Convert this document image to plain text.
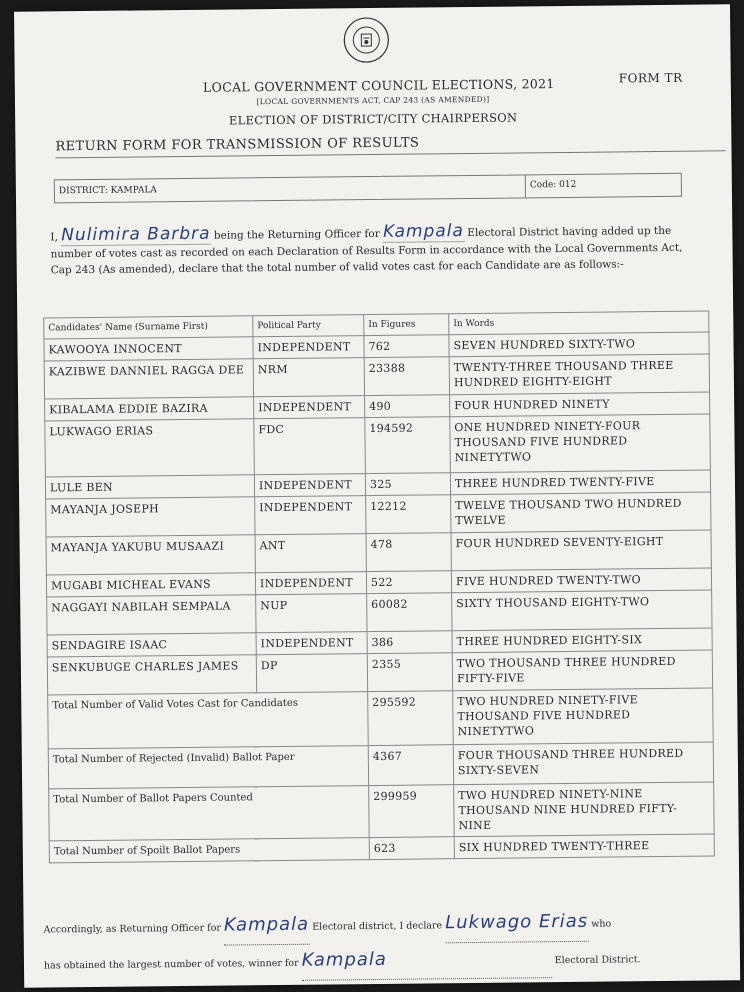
FORM TR
LOCAL GOVERNMENT COUNCIL ELECTIONS, 2021
[LOCAL GOVERNMENTS ACT, CAP 243 (AS AMENDED)]
ELECTION OF DISTRICT/CITY CHAIRPERSON
RETURN FORM FOR TRANSMISSION OF RESULTS
DISTRICT: KAMPALA
Code: 012
I, Nulimira Barbra being the Returning Officer for Kampala Electoral District having added up the number of votes cast as recorded on each Declaration of Results Form in accordance with the Local Governments Act, Cap 243 (As amended), declare that the total number of valid votes cast for each Candidate are as follows:-
Candidates' Name (Surname First)	Political Party	In Figures	In Words
KAWOOYA INNOCENT	INDEPENDENT	762	SEVEN HUNDRED SIXTY-TWO
KAZIBWE DANNIEL RAGGA DEE	NRM	23388	TWENTY-THREE THOUSAND THREE HUNDRED EIGHTY-EIGHT
KIBALAMA EDDIE BAZIRA	INDEPENDENT	490	FOUR HUNDRED NINETY
LUKWAGO ERIAS	FDC	194592	ONE HUNDRED NINETY-FOUR THOUSAND FIVE HUNDRED NINETYTWO
LULE BEN	INDEPENDENT	325	THREE HUNDRED TWENTY-FIVE
MAYANJA JOSEPH	INDEPENDENT	12212	TWELVE THOUSAND TWO HUNDRED TWELVE
MAYANJA YAKUBU MUSAAZI	ANT	478	FOUR HUNDRED SEVENTY-EIGHT
MUGABI MICHEAL EVANS	INDEPENDENT	522	FIVE HUNDRED TWENTY-TWO
NAGGAYI NABILAH SEMPALA	NUP	60082	SIXTY THOUSAND EIGHTY-TWO
SENDAGIRE ISAAC	INDEPENDENT	386	THREE HUNDRED EIGHTY-SIX
SENKUBUGE CHARLES JAMES	DP	2355	TWO THOUSAND THREE HUNDRED FIFTY-FIVE
Total Number of Valid Votes Cast for Candidates		295592	TWO HUNDRED NINETY-FIVE THOUSAND FIVE HUNDRED NINETYTWO
Total Number of Rejected (Invalid) Ballot Paper		4367	FOUR THOUSAND THREE HUNDRED SIXTY-SEVEN
Total Number of Ballot Papers Counted		299959	TWO HUNDRED NINETY-NINE THOUSAND NINE HUNDRED FIFTY-NINE
Total Number of Spoilt Ballot Papers		623	SIX HUNDRED TWENTY-THREE
Accordingly, as Returning Officer for Kampala Electoral district, I declare Lukwago Erias who
has obtained the largest number of votes, winner for Kampala	Electoral District.
